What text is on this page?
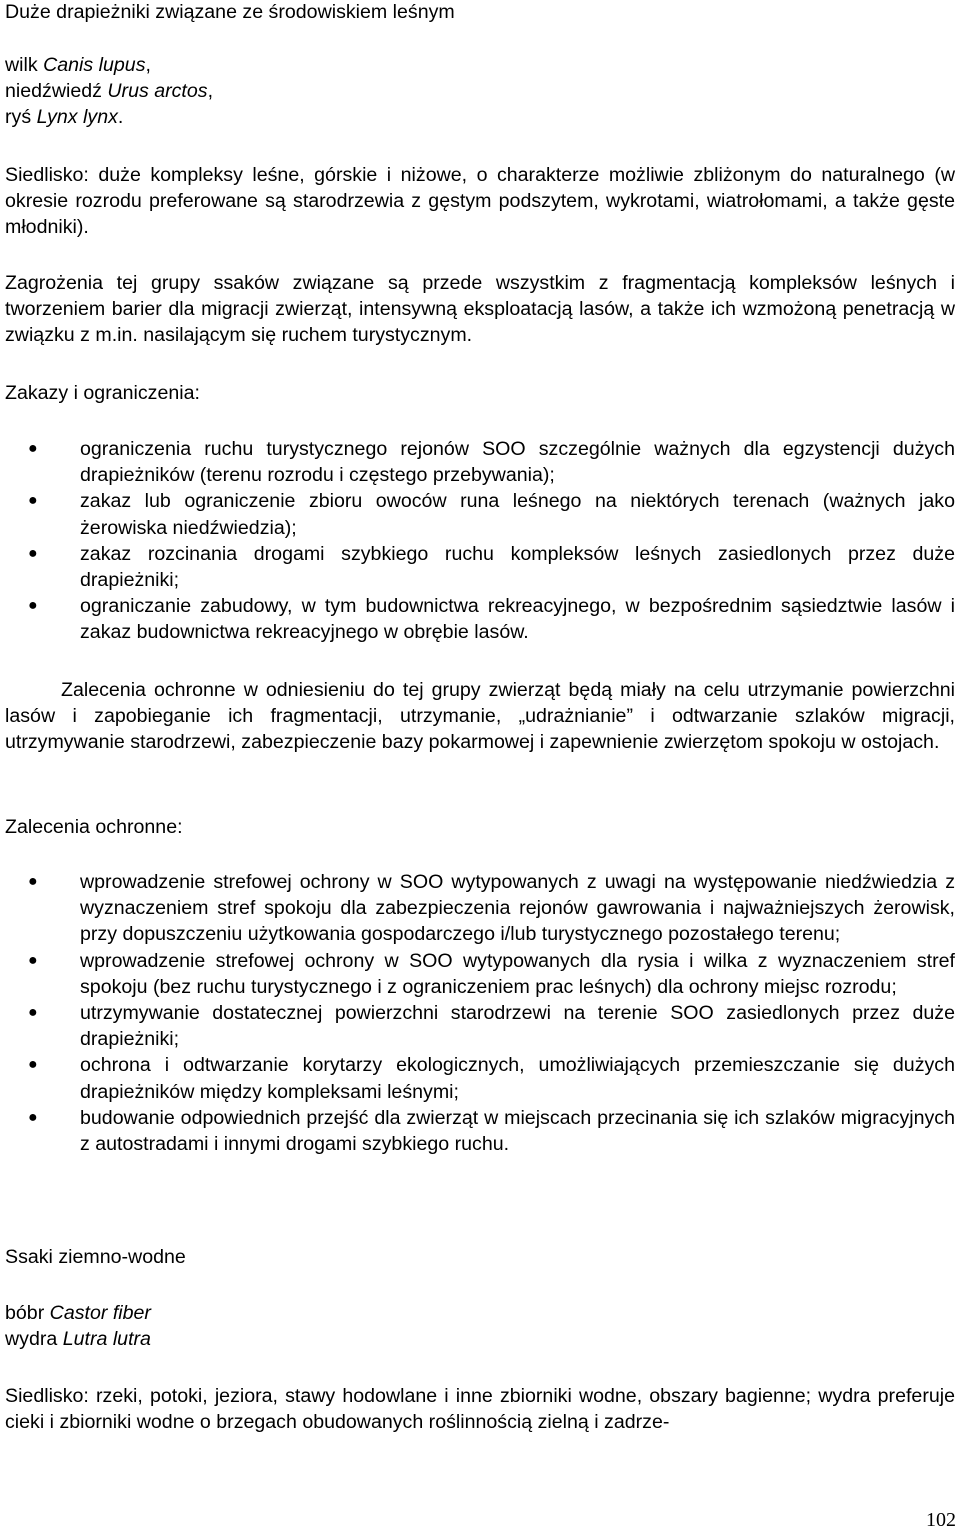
Duże drapieżniki związane ze środowiskiem leśnym

wilk Canis lupus,

niedźwiedź Urus arctos,

ryś Lynx lynx.

Siedlisko: duże kompleksy leśne, górskie i niżowe, o charakterze możliwie zbliżonym do naturalnego (w okresie rozrodu preferowane są starodrzewia z gęstym podszytem, wykrotami, wiatrołomami, a także gęste młodniki).

Zagrożenia tej grupy ssaków związane są przede wszystkim z fragmentacją kompleksów leśnych i tworzeniem barier dla migracji zwierząt, intensywną eksploatacją lasów, a także ich wzmożoną penetracją w związku z m.in. nasilającym się ruchem turystycznym.

Zakazy i ograniczenia:

● ograniczenia ruchu turystycznego rejonów SOO szczególnie ważnych dla egzystencji dużych drapieżników (terenu rozrodu i częstego przebywania);
● zakaz lub ograniczenie zbioru owoców runa leśnego na niektórych terenach (ważnych jako żerowiska niedźwiedzia);
● zakaz rozcinania drogami szybkiego ruchu kompleksów leśnych zasiedlonych przez duże drapieżniki;
● ograniczanie zabudowy, w tym budownictwa rekreacyjnego, w bezpośrednim sąsiedztwie lasów i zakaz budownictwa rekreacyjnego w obrębie lasów.

Zalecenia ochronne w odniesieniu do tej grupy zwierząt będą miały na celu utrzymanie powierzchni lasów i zapobieganie ich fragmentacji, utrzymanie, „udrażnianie” i odtwarzanie szlaków migracji, utrzymywanie starodrzewi, zabezpieczenie bazy pokarmowej i zapewnienie zwierzętom spokoju w ostojach.

Zalecenia ochronne:

● wprowadzenie strefowej ochrony w SOO wytypowanych z uwagi na występowanie niedźwiedzia z wyznaczeniem stref spokoju dla zabezpieczenia rejonów gawrowania i najważniejszych żerowisk, przy dopuszczeniu użytkowania gospodarczego i/lub turystycznego pozostałego terenu;
● wprowadzenie strefowej ochrony w SOO wytypowanych dla rysia i wilka z wyznaczeniem stref spokoju (bez ruchu turystycznego i z ograniczeniem prac leśnych) dla ochrony miejsc rozrodu;
● utrzymywanie dostatecznej powierzchni starodrzewi na terenie SOO zasiedlonych przez duże drapieżniki;
● ochrona i odtwarzanie korytarzy ekologicznych, umożliwiających przemieszczanie się dużych drapieżników między kompleksami leśnymi;
● budowanie odpowiednich przejść dla zwierząt w miejscach przecinania się ich szlaków migracyjnych z autostradami i innymi drogami szybkiego ruchu.

Ssaki ziemno-wodne

bóbr Castor fiber

wydra Lutra lutra

Siedlisko: rzeki, potoki, jeziora, stawy hodowlane i inne zbiorniki wodne, obszary bagienne; wydra preferuje cieki i zbiorniki wodne o brzegach obudowanych roślinnością zielną i zadrze-

102
